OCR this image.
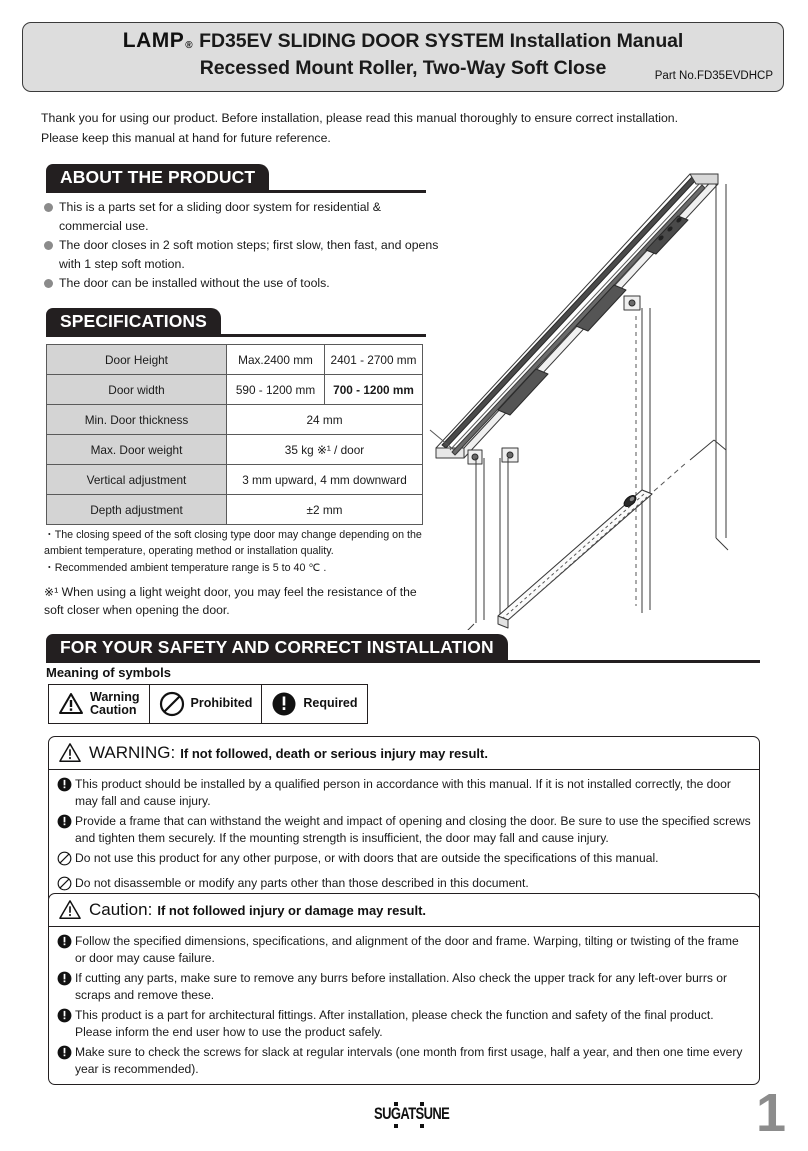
LAMP® FD35EV SLIDING DOOR SYSTEM Installation Manual
Recessed Mount Roller, Two-Way Soft Close	Part No.FD35EVDHCP
Thank you for using our product. Before installation, please read this manual thoroughly to ensure correct installation.
Please keep this manual at hand for future reference.
ABOUT THE PRODUCT
This is a parts set for a sliding door system for residential & commercial use.
The door closes in 2 soft motion steps; first slow, then fast, and opens with 1 step soft motion.
The door can be installed without the use of tools.
SPECIFICATIONS
Door Height	Max.2400 mm	2401 - 2700 mm
Door width	590 - 1200 mm	700 - 1200 mm
Min. Door thickness	24 mm	
Max. Door weight	35 kg ※¹ / door	
Vertical adjustment	3 mm upward, 4 mm downward	
Depth adjustment	±2 mm	
・The closing speed of the soft closing type door may change depending on the ambient temperature, operating method or installation quality.
・Recommended ambient temperature range is 5 to 40 ℃ .
※¹ When using a light weight door, you may feel the resistance of the soft closer when opening the door.
FOR YOUR SAFETY AND CORRECT INSTALLATION
Meaning of symbols
Warning
Caution	Prohibited	Required
WARNING: If not followed, death or serious injury may result.
This product should be installed by a qualified person in accordance with this manual. If it is not installed correctly, the door may fall and cause injury.
Provide a frame that can withstand the weight and impact of opening and closing the door. Be sure to use the specified screws and tighten them securely. If the mounting strength is insufficient, the door may fall and cause injury.
Do not use this product for any other purpose, or with doors that are outside the specifications of this manual.
Do not disassemble or modify any parts other than those described in this document.
Caution: If not followed injury or damage may result.
Follow the specified dimensions, specifications, and alignment of the door and frame. Warping, tilting or twisting of the frame or door may cause failure.
If cutting any parts, make sure to remove any burrs before installation. Also check the upper track for any left-over burrs or scraps and remove these.
This product is a part for architectural fittings. After installation, please check the function and safety of the final product. Please inform the end user how to use the product safely.
Make sure to check the screws for slack at regular intervals (one month from first usage, half a year, and then one time every year is recommended).
SUGATSUNE	1
